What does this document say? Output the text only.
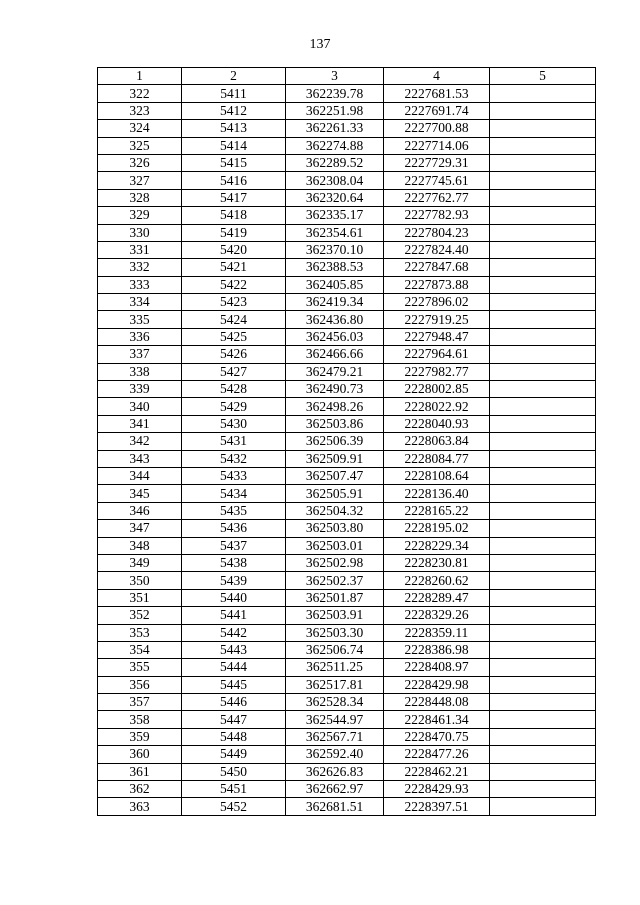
137
1	2	3	4	5
322	5411	362239.78	2227681.53	
323	5412	362251.98	2227691.74	
324	5413	362261.33	2227700.88	
325	5414	362274.88	2227714.06	
326	5415	362289.52	2227729.31	
327	5416	362308.04	2227745.61	
328	5417	362320.64	2227762.77	
329	5418	362335.17	2227782.93	
330	5419	362354.61	2227804.23	
331	5420	362370.10	2227824.40	
332	5421	362388.53	2227847.68	
333	5422	362405.85	2227873.88	
334	5423	362419.34	2227896.02	
335	5424	362436.80	2227919.25	
336	5425	362456.03	2227948.47	
337	5426	362466.66	2227964.61	
338	5427	362479.21	2227982.77	
339	5428	362490.73	2228002.85	
340	5429	362498.26	2228022.92	
341	5430	362503.86	2228040.93	
342	5431	362506.39	2228063.84	
343	5432	362509.91	2228084.77	
344	5433	362507.47	2228108.64	
345	5434	362505.91	2228136.40	
346	5435	362504.32	2228165.22	
347	5436	362503.80	2228195.02	
348	5437	362503.01	2228229.34	
349	5438	362502.98	2228230.81	
350	5439	362502.37	2228260.62	
351	5440	362501.87	2228289.47	
352	5441	362503.91	2228329.26	
353	5442	362503.30	2228359.11	
354	5443	362506.74	2228386.98	
355	5444	362511.25	2228408.97	
356	5445	362517.81	2228429.98	
357	5446	362528.34	2228448.08	
358	5447	362544.97	2228461.34	
359	5448	362567.71	2228470.75	
360	5449	362592.40	2228477.26	
361	5450	362626.83	2228462.21	
362	5451	362662.97	2228429.93	
363	5452	362681.51	2228397.51	
